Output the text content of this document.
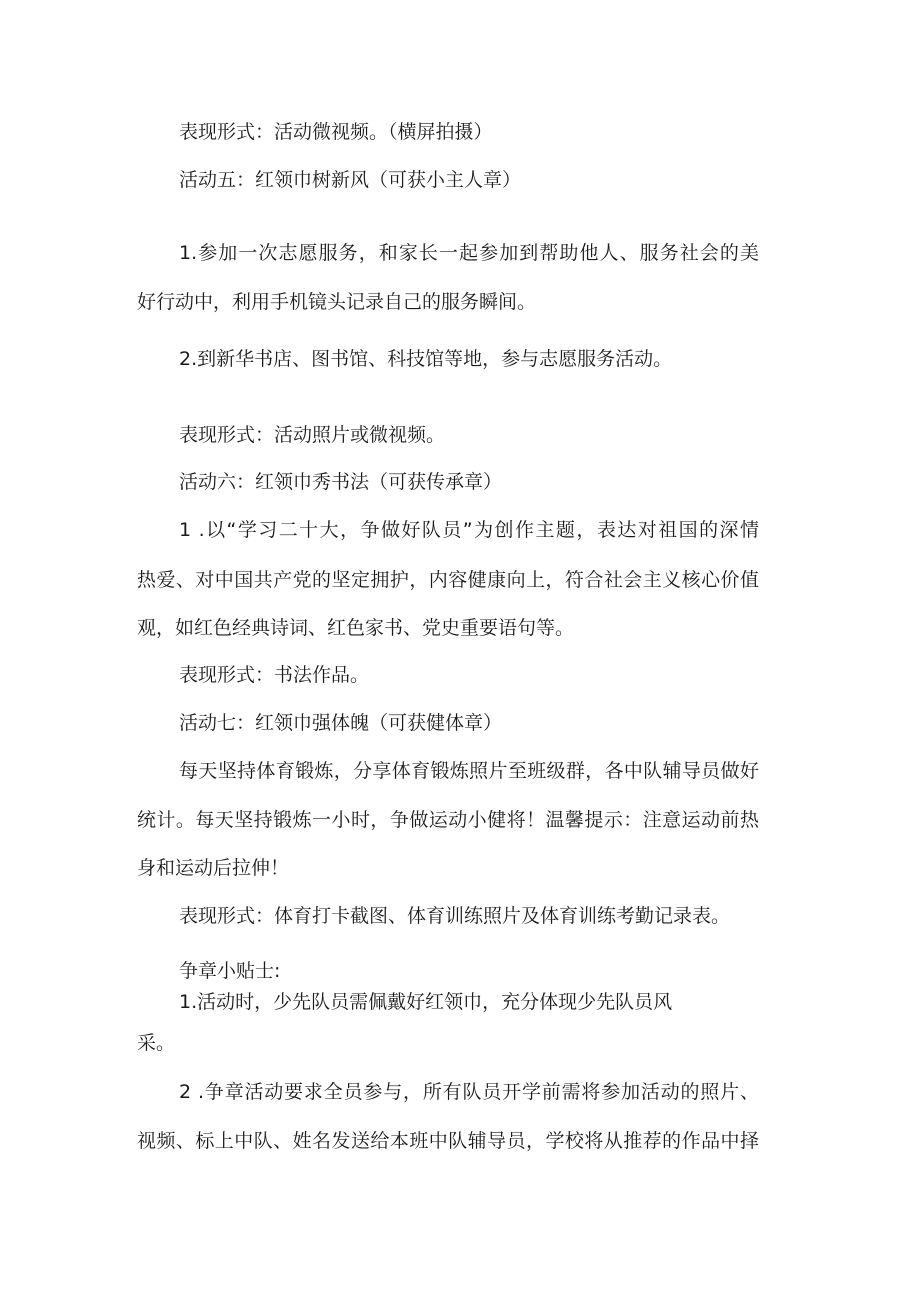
表现形式：活动微视频。（横屏拍摄）

活动五：红领巾树新风（可获小主人章）

1.参加一次志愿服务，和家长一起参加到帮助他人、服务社会的美

好行动中，利用手机镜头记录自己的服务瞬间。

2.到新华书店、图书馆、科技馆等地，参与志愿服务活动。

表现形式：活动照片或微视频。

活动六：红领巾秀书法（可获传承章）

1 .以“学习二十大，争做好队员”为创作主题，表达对祖国的深情

热爱、对中国共产党的坚定拥护，内容健康向上，符合社会主义核心价值

观，如红色经典诗词、红色家书、党史重要语句等。

表现形式：书法作品。

活动七：红领巾强体魄（可获健体章）

每天坚持体育锻炼，分享体育锻炼照片至班级群，各中队辅导员做好

统计。每天坚持锻炼一小时，争做运动小健将！温馨提示：注意运动前热

身和运动后拉伸！

表现形式：体育打卡截图、体育训练照片及体育训练考勤记录表。

争章小贴士:

1.活动时，少先队员需佩戴好红领巾，充分体现少先队员风

采。

2 .争章活动要求全员参与，所有队员开学前需将参加活动的照片、

视频、标上中队、姓名发送给本班中队辅导员，学校将从推荐的作品中择
